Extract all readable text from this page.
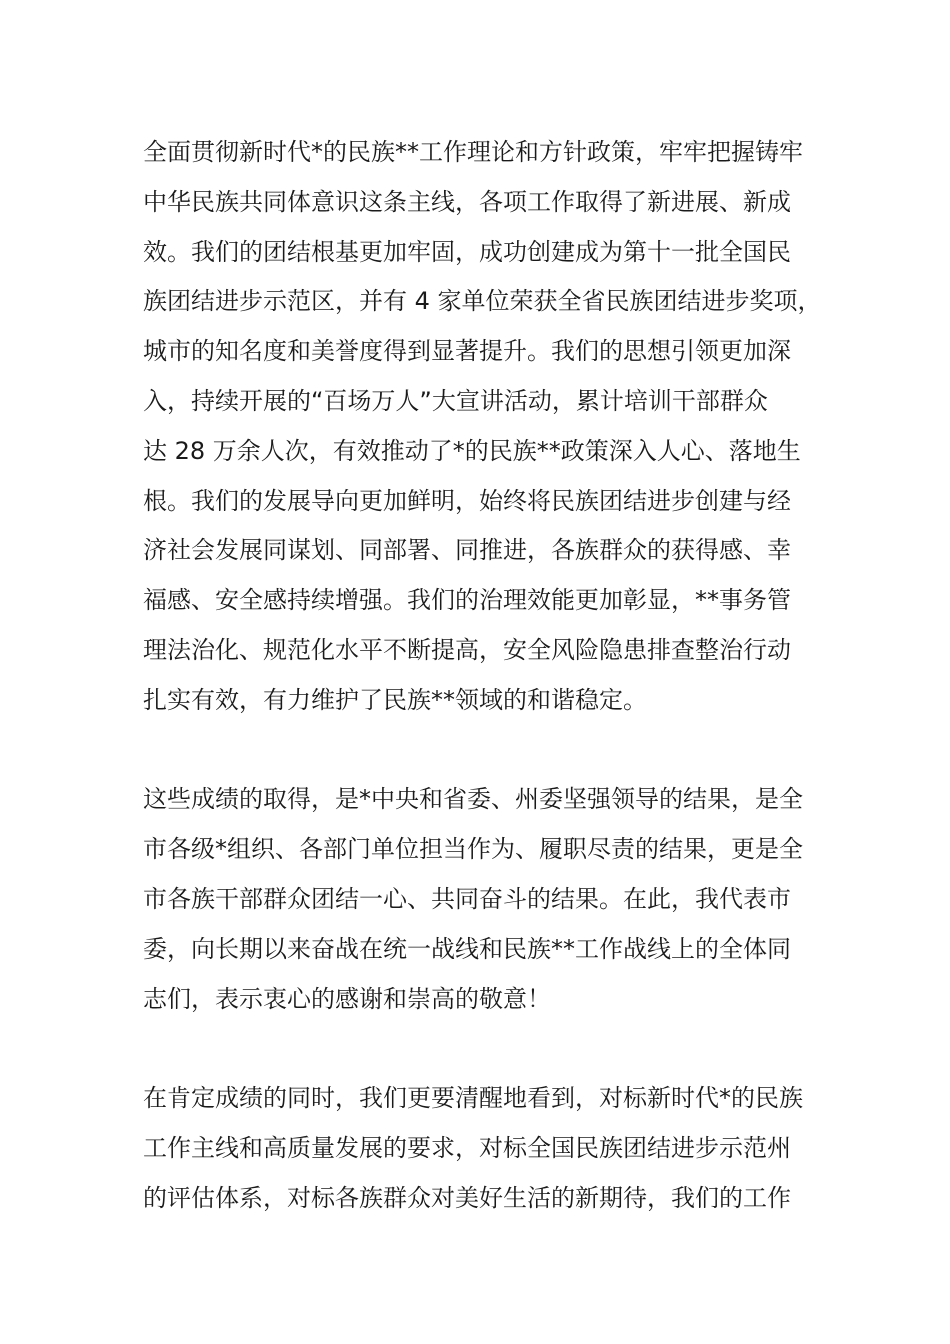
全面贯彻新时代*的民族**工作理论和方针政策，牢牢把握铸牢
中华民族共同体意识这条主线，各项工作取得了新进展、新成
效。我们的团结根基更加牢固，成功创建成为第十一批全国民
族团结进步示范区，并有 4 家单位荣获全省民族团结进步奖项，
城市的知名度和美誉度得到显著提升。我们的思想引领更加深
入，持续开展的“百场万人”大宣讲活动，累计培训干部群众
达 28 万余人次，有效推动了*的民族**政策深入人心、落地生
根。我们的发展导向更加鲜明，始终将民族团结进步创建与经
济社会发展同谋划、同部署、同推进，各族群众的获得感、幸
福感、安全感持续增强。我们的治理效能更加彰显，**事务管
理法治化、规范化水平不断提高，安全风险隐患排查整治行动
扎实有效，有力维护了民族**领域的和谐稳定。
这些成绩的取得，是*中央和省委、州委坚强领导的结果，是全
市各级*组织、各部门单位担当作为、履职尽责的结果，更是全
市各族干部群众团结一心、共同奋斗的结果。在此，我代表市
委，向长期以来奋战在统一战线和民族**工作战线上的全体同
志们，表示衷心的感谢和崇高的敬意！
在肯定成绩的同时，我们更要清醒地看到，对标新时代*的民族
工作主线和高质量发展的要求，对标全国民族团结进步示范州
的评估体系，对标各族群众对美好生活的新期待，我们的工作
